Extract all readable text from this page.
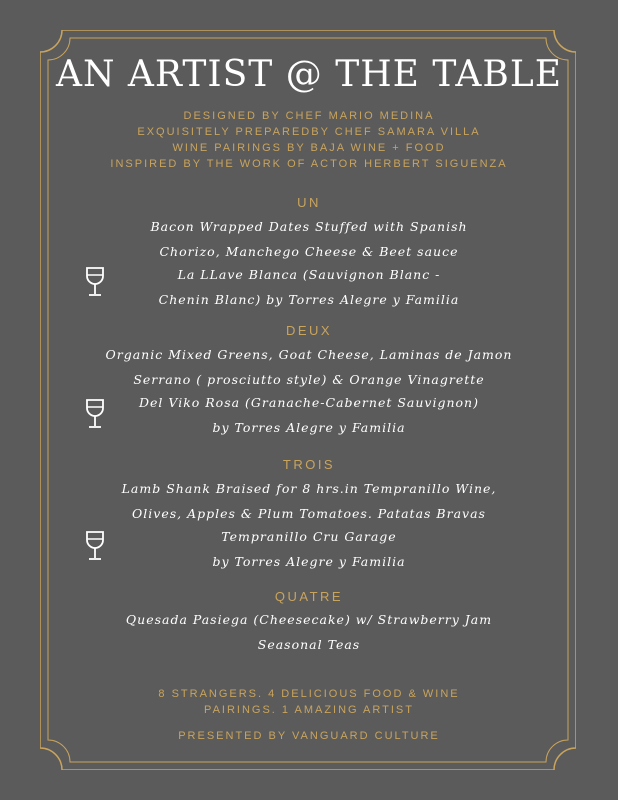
AN ARTIST @ THE TABLE
DESIGNED BY CHEF MARIO MEDINA
EXQUISITELY PREPAREDBY CHEF SAMARA VILLA
WINE PAIRINGS BY BAJA WINE + FOOD
INSPIRED BY THE WORK OF ACTOR HERBERT SIGUENZA
UN
Bacon Wrapped Dates Stuffed with Spanish
Chorizo, Manchego Cheese & Beet sauce
La LLave Blanca (Sauvignon Blanc -
Chenin Blanc) by Torres Alegre y Familia
DEUX
Organic Mixed Greens, Goat Cheese, Laminas de Jamon
Serrano ( prosciutto style) & Orange Vinagrette
Del Viko Rosa (Granache-Cabernet Sauvignon)
by Torres Alegre y Familia
TROIS
Lamb Shank Braised for 8 hrs.in Tempranillo Wine,
Olives, Apples & Plum Tomatoes. Patatas Bravas
Tempranillo Cru Garage
by Torres Alegre y Familia
QUATRE
Quesada Pasiega (Cheesecake) w/ Strawberry Jam
Seasonal Teas
8 STRANGERS. 4 DELICIOUS FOOD & WINE
PAIRINGS. 1 AMAZING ARTIST
PRESENTED BY VANGUARD CULTURE
